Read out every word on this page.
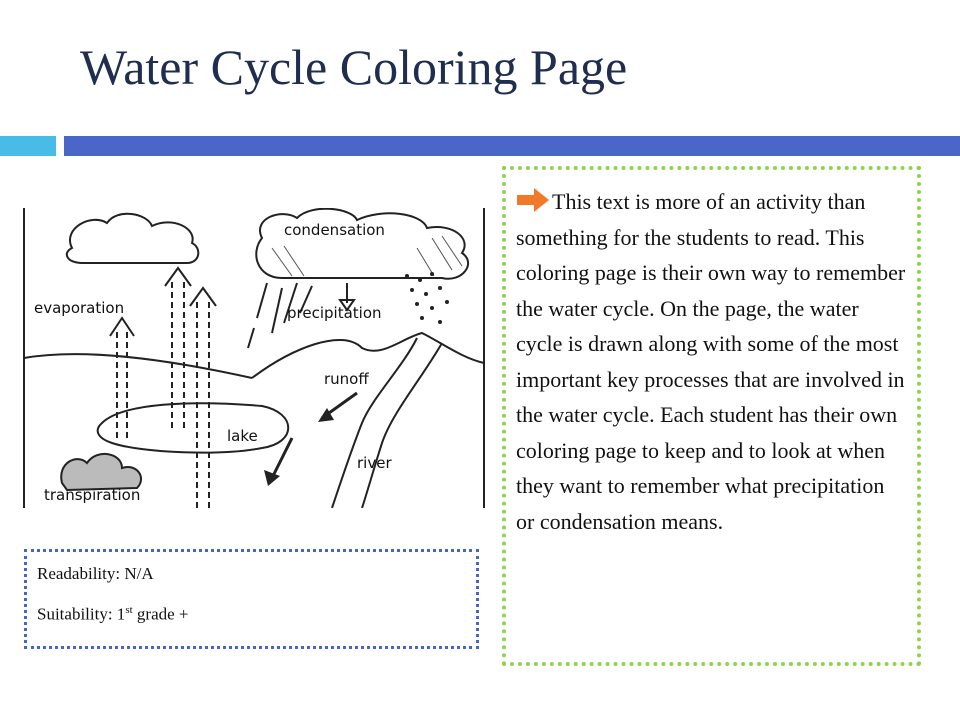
Water Cycle Coloring Page
condensation
evaporation	precipitation
runoff
lake
river
transpiration

Readability: N/A

Suitability: 1st grade +

This text is more of an activity than something for the students to read. This coloring page is their own way to remember the water cycle. On the page, the water cycle is drawn along with some of the most important key processes that are involved in the water cycle. Each student has their own coloring page to keep and to look at when they want to remember what precipitation or condensation means.
